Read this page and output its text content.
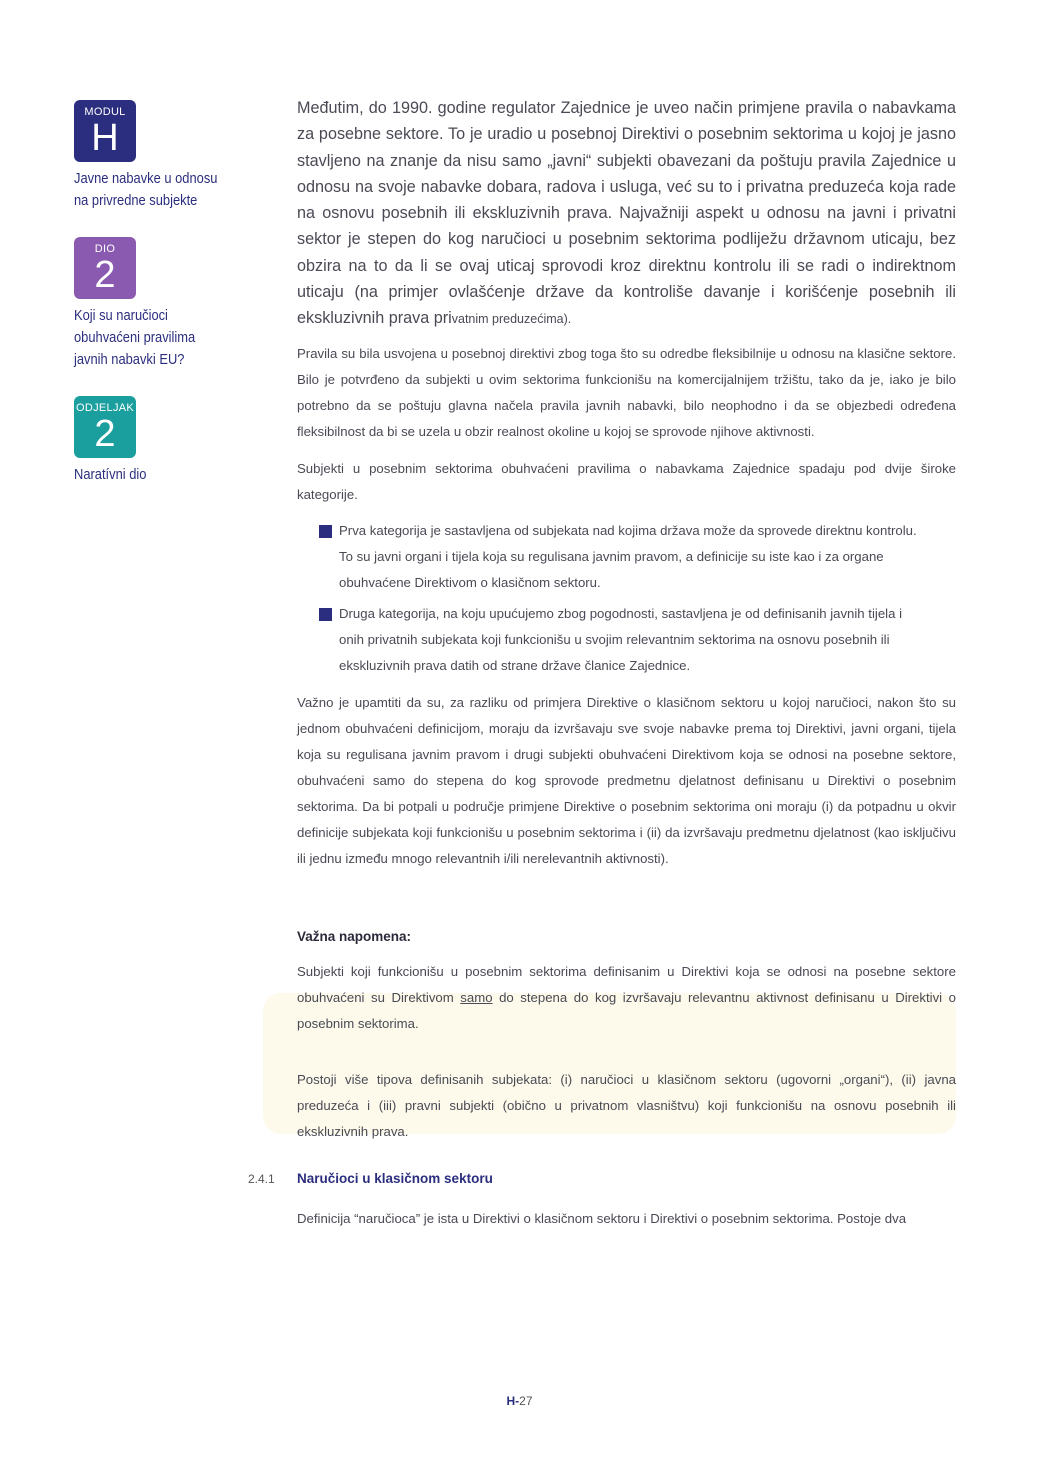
MODUL
H
Javne nabavke u odnosu
na privredne subjekte
DIO
2
Koji su naručioci
obuhvaćeni pravilima
javnih nabavki EU?
ODJELJAK
2
Naratívni dio
Međutim, do 1990. godine regulator Zajednice je uveo način primjene pravila o nabavkama za posebne sektore. To je uradio u posebnoj Direktivi o posebnim sektorima u kojoj je jasno stavljeno na znanje da nisu samo „javni“ subjekti obavezani da poštuju pravila Zajednice u odnosu na svoje nabavke dobara, radova i usluga, već su to i privatna preduzeća koja rade na osnovu posebnih ili ekskluzivnih prava. Najvažniji aspekt u odnosu na javni i privatni sektor je stepen do kog naručioci u posebnim sektorima podliježu državnom uticaju, bez obzira na to da li se ovaj uticaj sprovodi kroz direktnu kontrolu ili se radi o indirektnom uticaju (na primjer ovlašćenje države da kontroliše davanje i korišćenje posebnih ili ekskluzivnih prava privatnim preduzećima).
Pravila su bila usvojena u posebnoj direktivi zbog toga što su odredbe fleksibilnije u odnosu na klasične sektore. Bilo je potvrđeno da subjekti u ovim sektorima funkcionišu na komercijalnijem tržištu, tako da je, iako je bilo potrebno da se poštuju glavna načela pravila javnih nabavki, bilo neophodno i da se objezbedi određena fleksibilnost da bi se uzela u obzir realnost okoline u kojoj se sprovode njihove aktivnosti.
Subjekti u posebnim sektorima obuhvaćeni pravilima o nabavkama Zajednice spadaju pod dvije široke kategorije.
Prva kategorija je sastavljena od subjekata nad kojima država može da sprovede direktnu kontrolu. To su javni organi i tijela koja su regulisana javnim pravom, a definicije su iste kao i za organe obuhvaćene Direktivom o klasičnom sektoru.
Druga kategorija, na koju upućujemo zbog pogodnosti, sastavljena je od definisanih javnih tijela i onih privatnih subjekata koji funkcionišu u svojim relevantnim sektorima na osnovu posebnih ili ekskluzivnih prava datih od strane države članice Zajednice.
Važno je upamtiti da su, za razliku od primjera Direktive o klasičnom sektoru u kojoj naručioci, nakon što su jednom obuhvaćeni definicijom, moraju da izvršavaju sve svoje nabavke prema toj Direktivi, javni organi, tijela koja su regulisana javnim pravom i drugi subjekti obuhvaćeni Direktivom koja se odnosi na posebne sektore, obuhvaćeni samo do stepena do kog sprovode predmetnu djelatnost definisanu u Direktivi o posebnim sektorima. Da bi potpali u područje primjene Direktive o posebnim sektorima oni moraju (i) da potpadnu u okvir definicije subjekata koji funkcionišu u posebnim sektorima i (ii) da izvršavaju predmetnu djelatnost (kao isključivu ili jednu između mnogo relevantnih i/ili nerelevantnih aktivnosti).
Važna napomena:
Subjekti koji funkcionišu u posebnim sektorima definisanim u Direktivi koja se odnosi na posebne sektore obuhvaćeni su Direktivom samo do stepena do kog izvršavaju relevantnu aktivnost definisanu u Direktivi o posebnim sektorima.
Postoji više tipova definisanih subjekata: (i) naručioci u klasičnom sektoru (ugovorni „organi“), (ii) javna preduzeća i (iii) pravni subjekti (obično u privatnom vlasništvu) koji funkcionišu na osnovu posebnih ili ekskluzivnih prava.
2.4.1 Naručioci u klasičnom sektoru
Definicija “naručioca” je ista u Direktivi o klasičnom sektoru i Direktivi o posebnim sektorima. Postoje dva
H-27
